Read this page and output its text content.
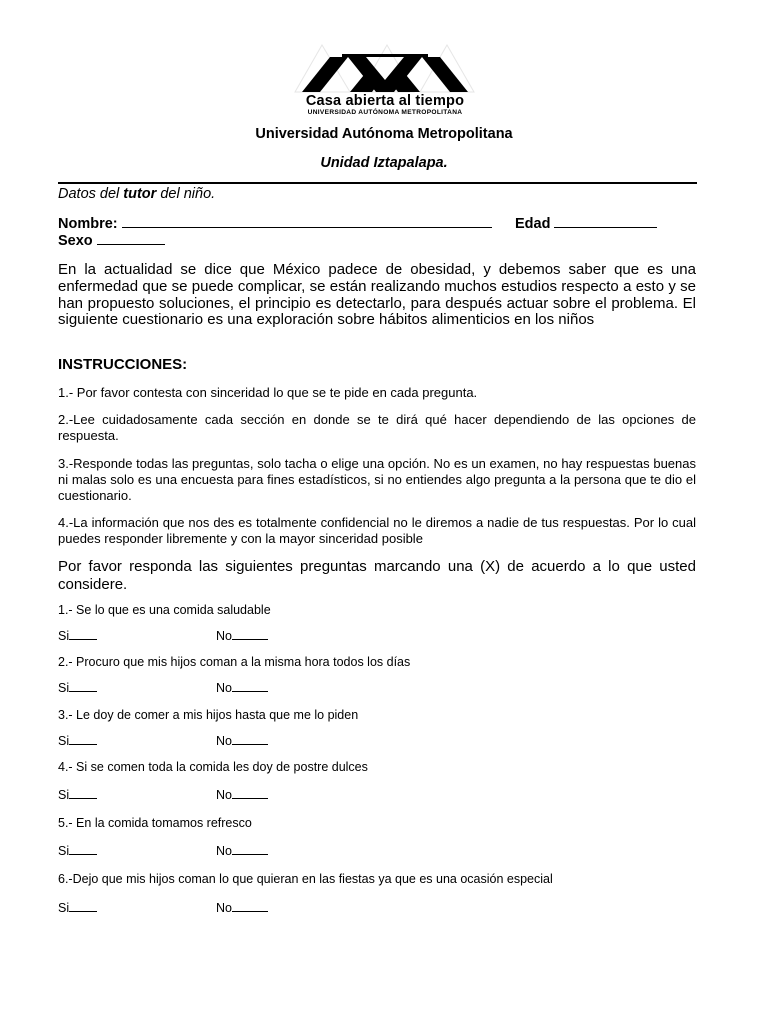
Casa abierta al tiempo
UNIVERSIDAD AUTÓNOMA METROPOLITANA
Universidad Autónoma Metropolitana
Unidad Iztapalapa.
Datos del tutor del niño.
Nombre:	Edad
Sexo
En la actualidad se dice que México padece de obesidad, y debemos saber que es una enfermedad que se puede complicar, se están realizando muchos estudios respecto a esto y se han propuesto soluciones, el principio es detectarlo, para después actuar sobre el problema. El siguiente cuestionario es una exploración sobre hábitos alimenticios en los niños
INSTRUCCIONES:
1.- Por favor contesta con sinceridad lo que se te pide en cada pregunta.
2.-Lee cuidadosamente cada sección en donde se te dirá qué hacer dependiendo de las opciones de respuesta.
3.-Responde todas las preguntas, solo tacha o elige una opción. No es un examen, no hay respuestas buenas ni malas solo es una encuesta para fines estadísticos, si no entiendes algo pregunta a la persona que te dio el cuestionario.
4.-La información que nos des es totalmente confidencial no le diremos a nadie de tus respuestas. Por lo cual puedes responder libremente y con la mayor sinceridad posible
Por favor responda las siguientes preguntas marcando una (X) de acuerdo a lo que usted considere.
1.- Se lo que es una comida saludable
Si	No
2.- Procuro que mis hijos coman a la misma hora todos los días
Si	No
3.- Le doy de comer a mis hijos hasta que me lo piden
Si	No
4.- Si se comen toda la comida les doy de postre dulces
Si	No
5.- En la comida tomamos refresco
Si	No
6.-Dejo que mis hijos coman lo que quieran en las fiestas ya que es una ocasión especial
Si	No
